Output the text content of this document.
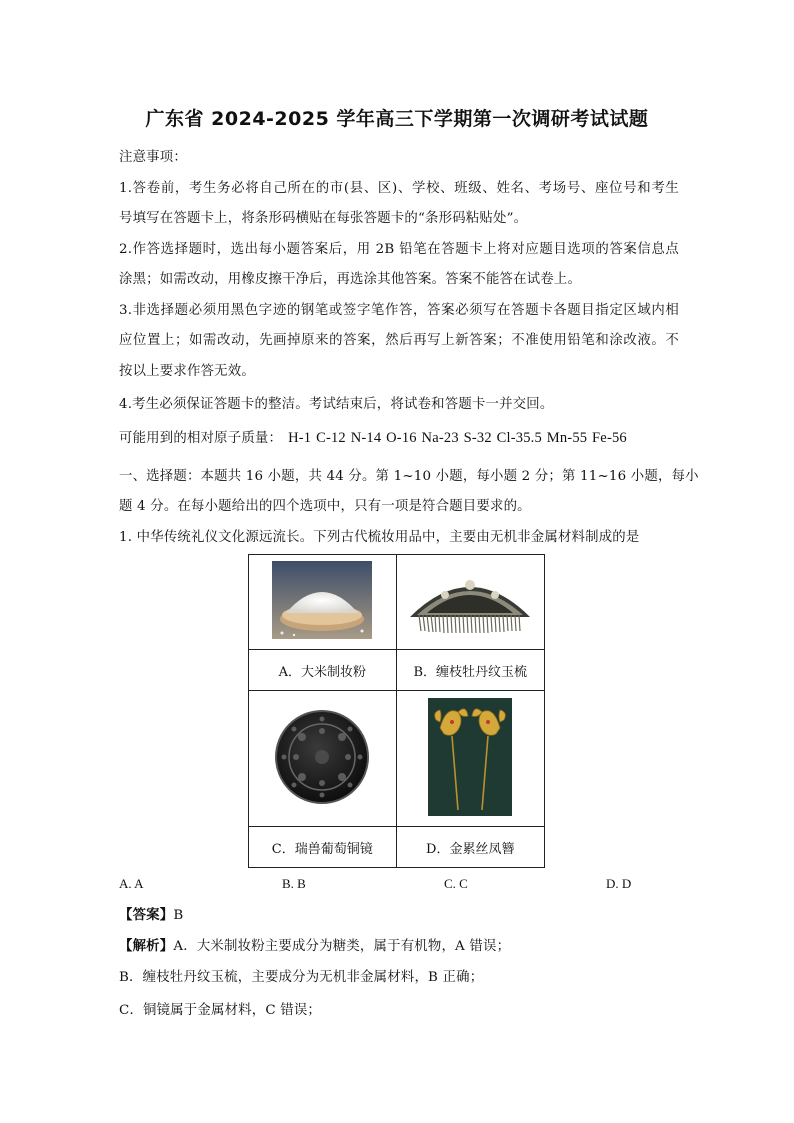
广东省 2024-2025 学年高三下学期第一次调研考试试题
注意事项：
1.答卷前，考生务必将自己所在的市(县、区)、学校、班级、姓名、考场号、座位号和考生
号填写在答题卡上，将条形码横贴在每张答题卡的“条形码粘贴处”。
2.作答选择题时，选出每小题答案后，用 2B 铅笔在答题卡上将对应题目选项的答案信息点
涂黑；如需改动，用橡皮擦干净后，再选涂其他答案。答案不能答在试卷上。
3.非选择题必须用黑色字迹的钢笔或签字笔作答，答案必须写在答题卡各题目指定区域内相
应位置上；如需改动，先画掉原来的答案，然后再写上新答案；不准使用铅笔和涂改液。不
按以上要求作答无效。
4.考生必须保证答题卡的整洁。考试结束后，将试卷和答题卡一并交回。
可能用到的相对原子质量： H-1 C-12 N-14 O-16 Na-23 S-32 Cl-35.5 Mn-55 Fe-56
一、选择题：本题共 16 小题，共 44 分。第 1~10 小题，每小题 2 分；第 11~16 小题，每小
题 4 分。在每小题给出的四个选项中，只有一项是符合题目要求的。
1. 中华传统礼仪文化源远流长。下列古代梳妆用品中，主要由无机非金属材料制成的是

A．大米制妆粉	B．缠枝牡丹纹玉梳

C．瑞兽葡萄铜镜	D．金累丝凤簪
A. A	B. B	C. C	D. D
【答案】B
【解析】A．大米制妆粉主要成分为糖类，属于有机物，A 错误；
B．缠枝牡丹纹玉梳，主要成分为无机非金属材料，B 正确；
C．铜镜属于金属材料，C 错误；
